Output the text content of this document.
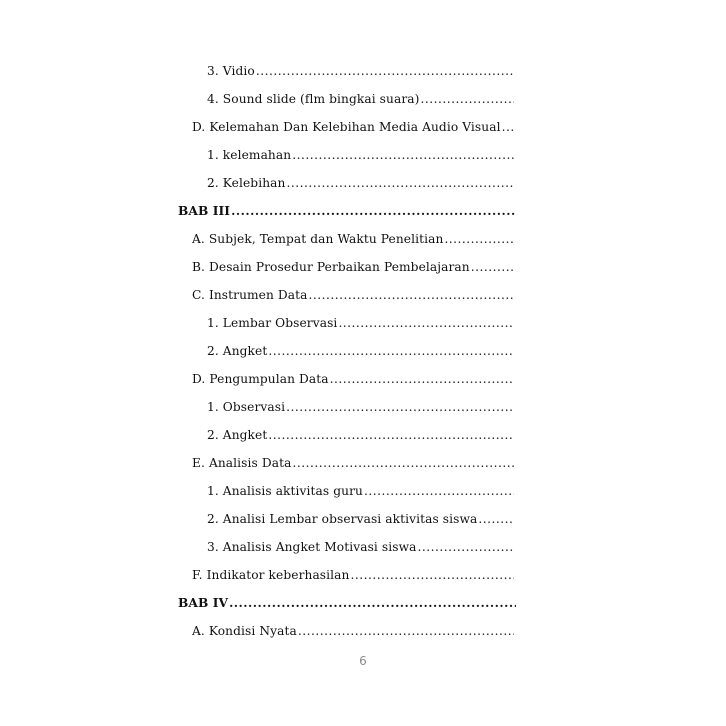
3. Vidio
.....
4. Sound slide (flm bingkai suara)
.....
D. Kelemahan Dan Kelebihan Media Audio Visual
.....
1. kelemahan
.....
2. Kelebihan
.....
BAB III
.....
A. Subjek, Tempat dan Waktu Penelitian
.....
B. Desain Prosedur Perbaikan Pembelajaran
.....
C. Instrumen Data
.....
1. Lembar Observasi
.....
2. Angket
.....
D. Pengumpulan Data
.....
1. Observasi
.....
2. Angket
.....
E. Analisis Data
.....
1. Analisis aktivitas guru
.....
2. Analisi Lembar observasi aktivitas siswa
.....
3. Analisis Angket Motivasi siswa
.....
F. Indikator keberhasilan
.....
BAB IV
.....
A. Kondisi Nyata
.....
6
